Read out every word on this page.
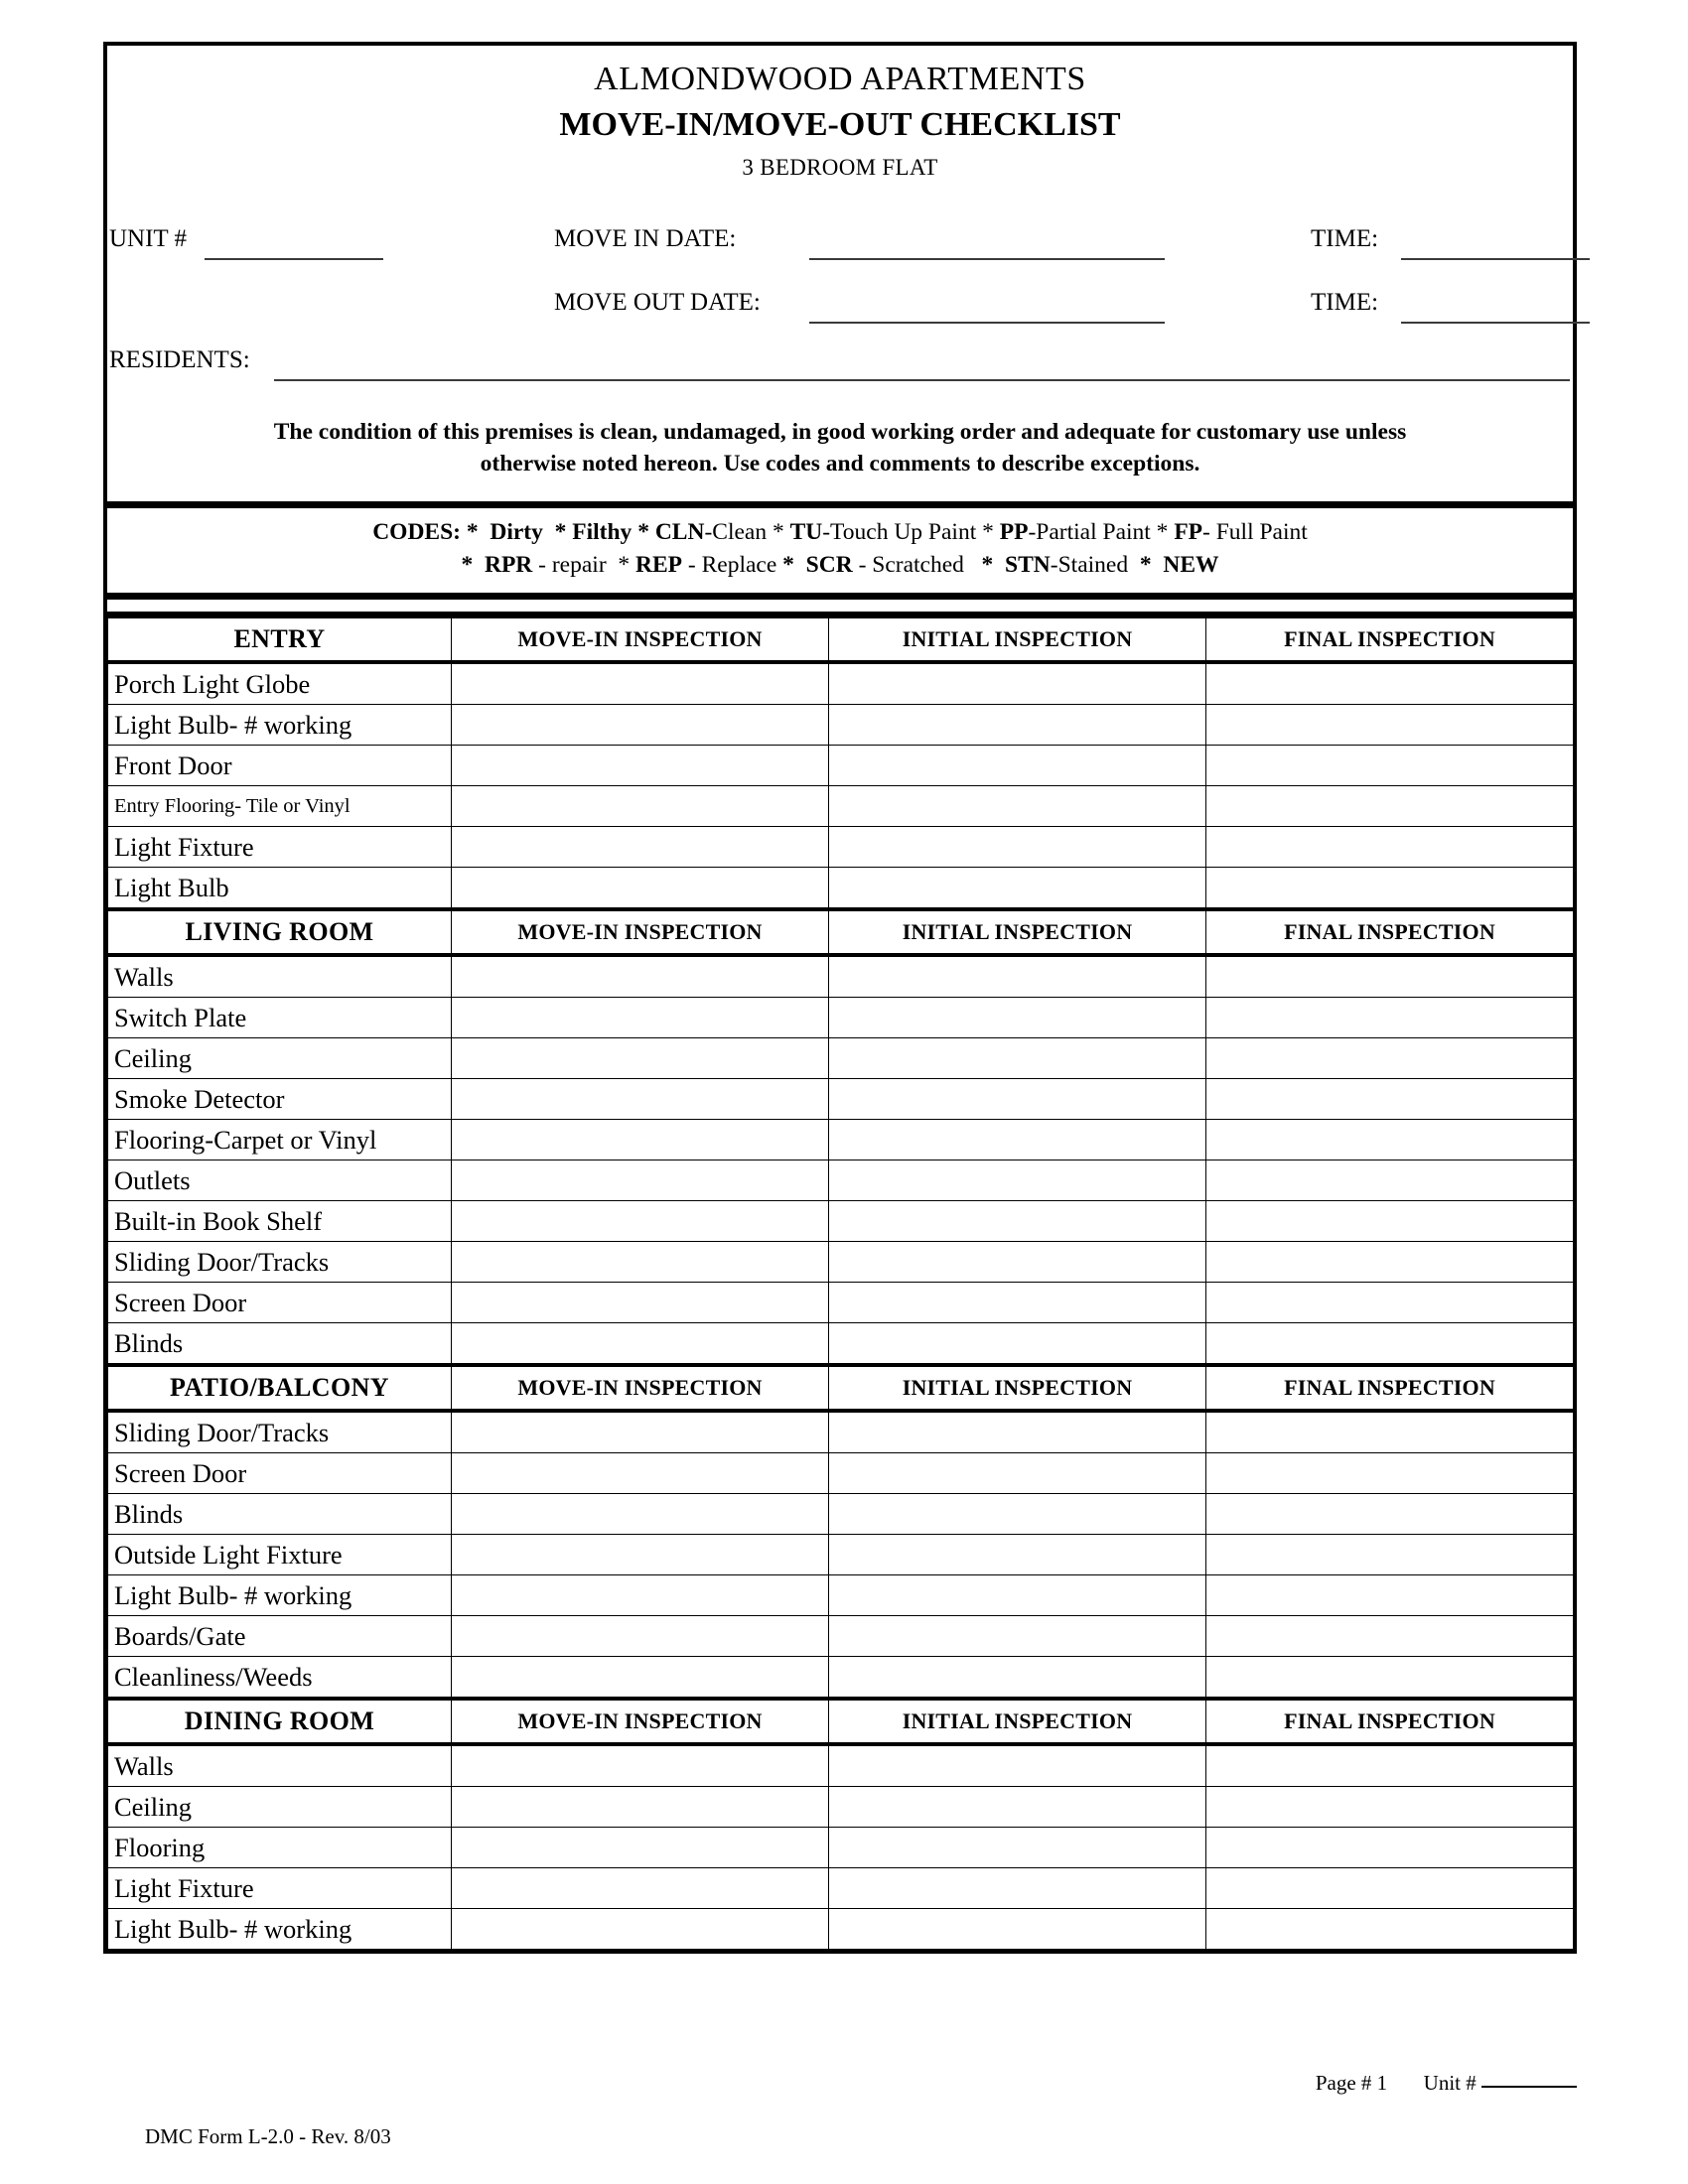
ALMONDWOOD APARTMENTS
MOVE-IN/MOVE-OUT CHECKLIST
3 BEDROOM FLAT
UNIT #	MOVE IN DATE:	TIME:
MOVE OUT DATE:	TIME:
RESIDENTS:
The condition of this premises is clean, undamaged, in good working order and adequate for customary use unless
otherwise noted hereon. Use codes and comments to describe exceptions.
CODES: *  Dirty  * Filthy * CLN-Clean * TU-Touch Up Paint * PP-Partial Paint * FP- Full Paint
*  RPR - repair  * REP - Replace *  SCR - Scratched   *  STN-Stained  *  NEW
ENTRY	MOVE-IN INSPECTION	INITIAL INSPECTION	FINAL INSPECTION
Porch Light Globe			
Light Bulb- # working			
Front Door			
Entry Flooring- Tile or Vinyl			
Light Fixture			
Light Bulb			
LIVING ROOM	MOVE-IN INSPECTION	INITIAL INSPECTION	FINAL INSPECTION
Walls			
Switch Plate			
Ceiling			
Smoke Detector			
Flooring-Carpet or Vinyl			
Outlets			
Built-in Book Shelf			
Sliding Door/Tracks			
Screen Door			
Blinds			
PATIO/BALCONY	MOVE-IN INSPECTION	INITIAL INSPECTION	FINAL INSPECTION
Sliding Door/Tracks			
Screen Door			
Blinds			
Outside Light Fixture			
Light Bulb- # working			
Boards/Gate			
Cleanliness/Weeds			
DINING ROOM	MOVE-IN INSPECTION	INITIAL INSPECTION	FINAL INSPECTION
Walls			
Ceiling			
Flooring			
Light Fixture			
Light Bulb- # working			
Page # 1 Unit #
DMC Form L-2.0 - Rev. 8/03
